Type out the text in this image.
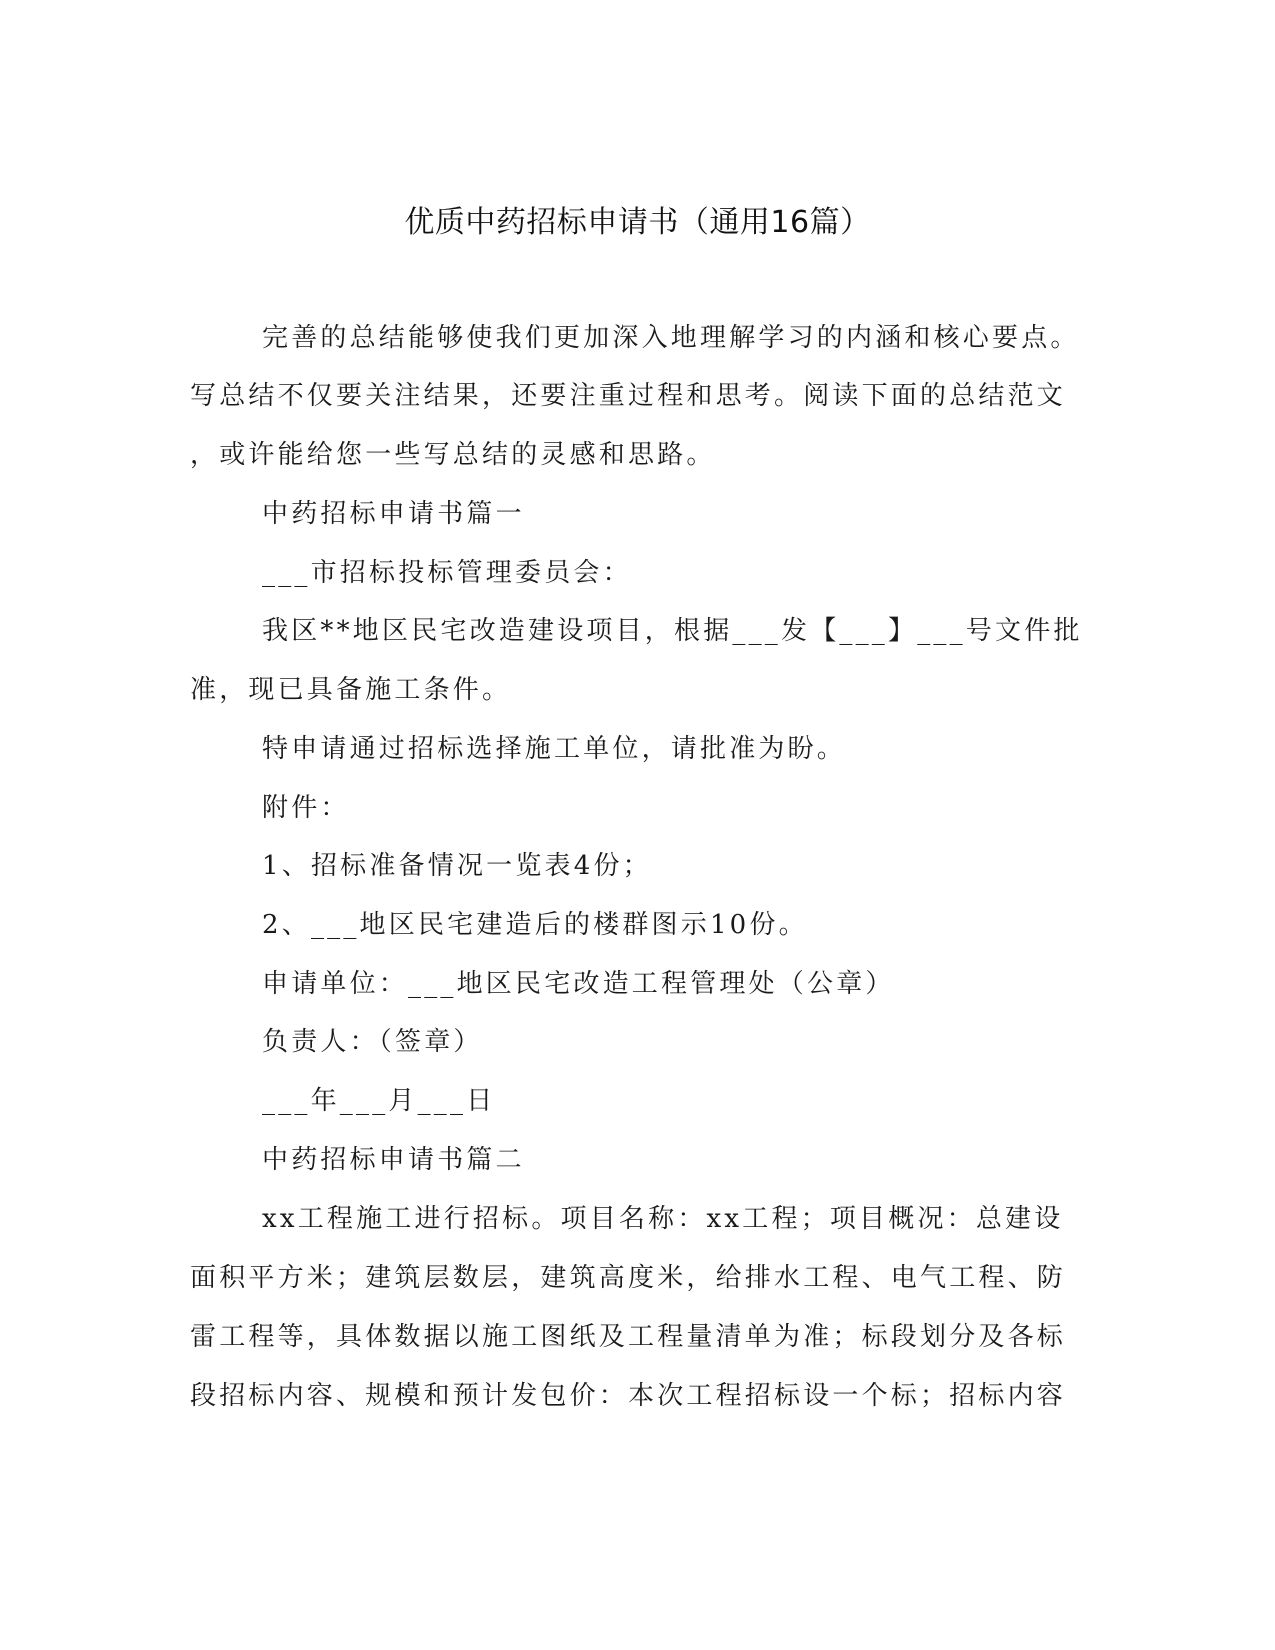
优质中药招标申请书（通用16篇）
完善的总结能够使我们更加深入地理解学习的内涵和核心要点。
写总结不仅要关注结果，还要注重过程和思考。阅读下面的总结范文
，或许能给您一些写总结的灵感和思路。
中药招标申请书篇一
___市招标投标管理委员会：
我区**地区民宅改造建设项目，根据___发【___】___号文件批
准，现已具备施工条件。
特申请通过招标选择施工单位，请批准为盼。
附件：
1、招标准备情况一览表4份；
2、___地区民宅建造后的楼群图示10份。
申请单位：___地区民宅改造工程管理处（公章）
负责人：（签章）
___年___月___日
中药招标申请书篇二
xx工程施工进行招标。项目名称：xx工程；项目概况：总建设
面积平方米；建筑层数层，建筑高度米，给排水工程、电气工程、防
雷工程等，具体数据以施工图纸及工程量清单为准；标段划分及各标
段招标内容、规模和预计发包价：本次工程招标设一个标；招标内容
